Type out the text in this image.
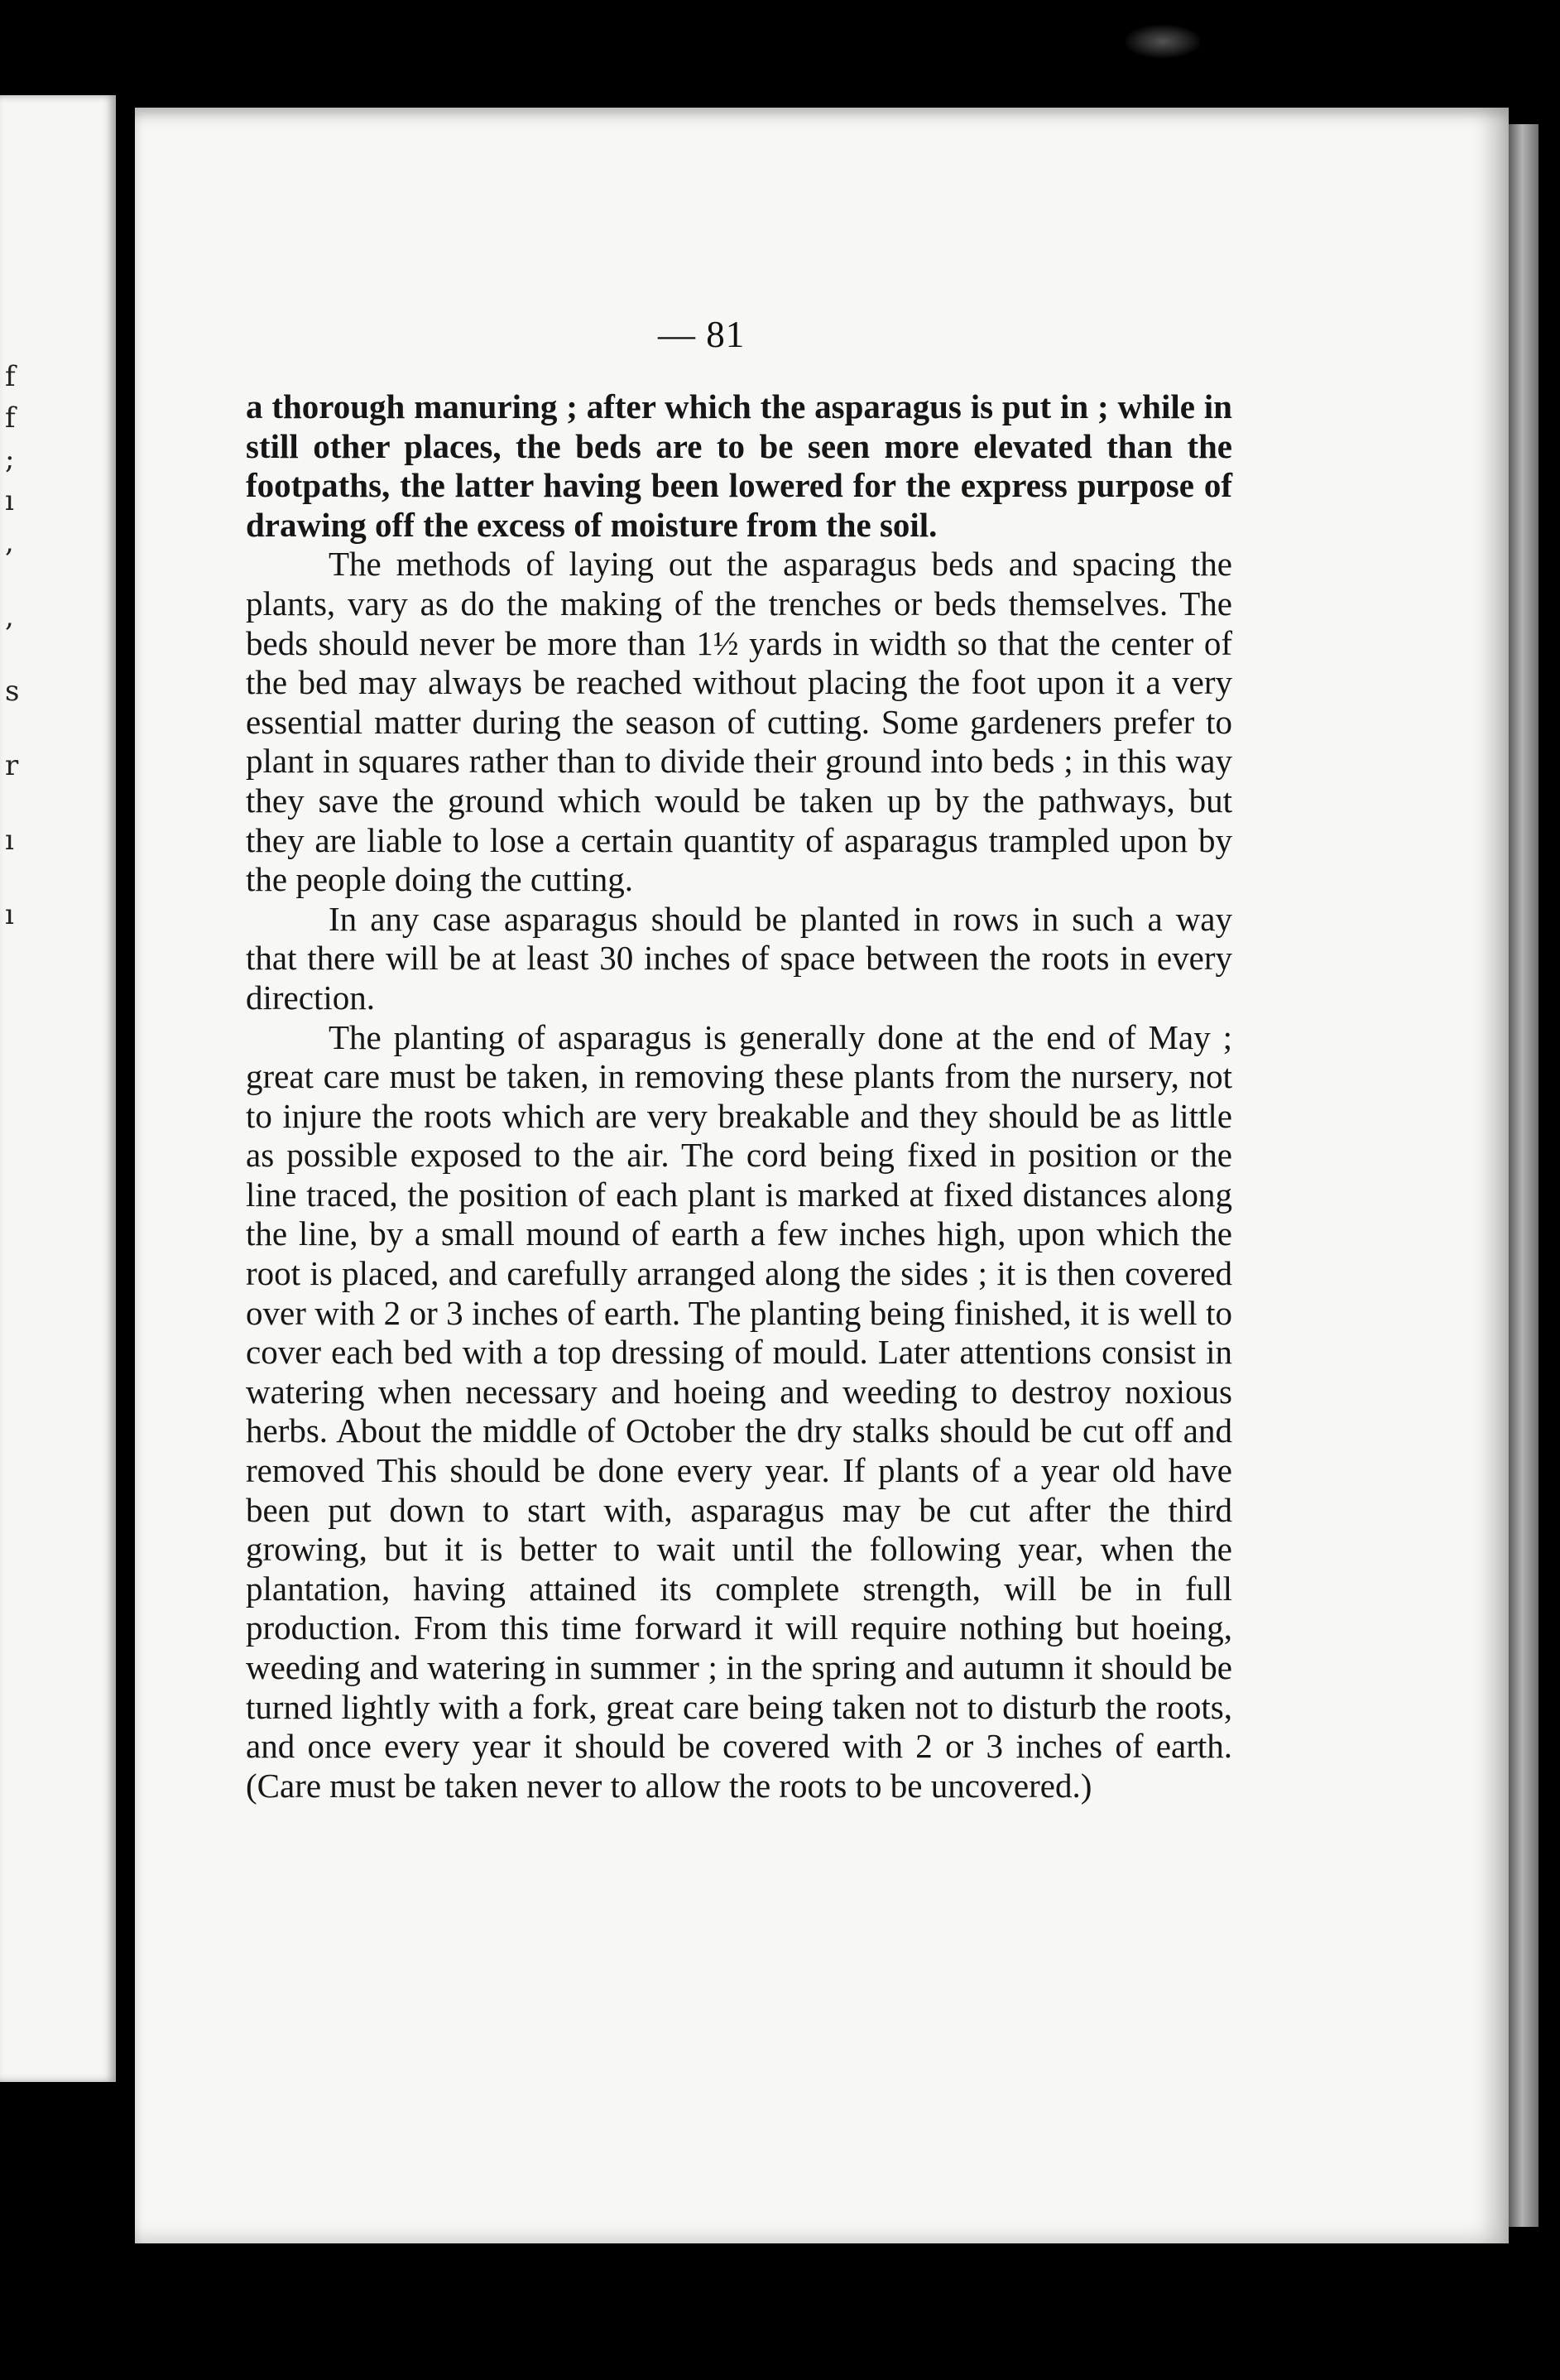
f
f
;
ı
,
,
s
r
ı
ı
— 81

a thorough manuring ; after which the asparagus is put in ; while in still other places, the beds are to be seen more elevated than the footpaths, the latter having been lowered for the express purpose of drawing off the excess of moisture from the soil.

The methods of laying out the asparagus beds and spacing the plants, vary as do the making of the trenches or beds themselves. The beds should never be more than 1½ yards in width so that the center of the bed may always be reached without placing the foot upon it a very essential matter during the season of cutting. Some gardeners prefer to plant in squares rather than to divide their ground into beds ; in this way they save the ground which would be taken up by the pathways, but they are liable to lose a certain quantity of asparagus trampled upon by the people doing the cutting.

In any case asparagus should be planted in rows in such a way that there will be at least 30 inches of space between the roots in every direction.

The planting of asparagus is generally done at the end of May ; great care must be taken, in removing these plants from the nursery, not to injure the roots which are very breakable and they should be as little as possible exposed to the air. The cord being fixed in position or the line traced, the position of each plant is marked at fixed distances along the line, by a small mound of earth a few inches high, upon which the root is placed, and carefully arranged along the sides ; it is then covered over with 2 or 3 inches of earth. The planting being finished, it is well to cover each bed with a top dressing of mould. Later attentions consist in watering when necessary and hoeing and weeding to destroy noxious herbs. About the middle of October the dry stalks should be cut off and removed This should be done every year. If plants of a year old have been put down to start with, asparagus may be cut after the third growing, but it is better to wait until the following year, when the plantation, having attained its complete strength, will be in full production. From this time forward it will require nothing but hoeing, weeding and watering in summer ; in the spring and autumn it should be turned lightly with a fork, great care being taken not to disturb the roots, and once every year it should be covered with 2 or 3 inches of earth. (Care must be taken never to allow the roots to be uncovered.)
